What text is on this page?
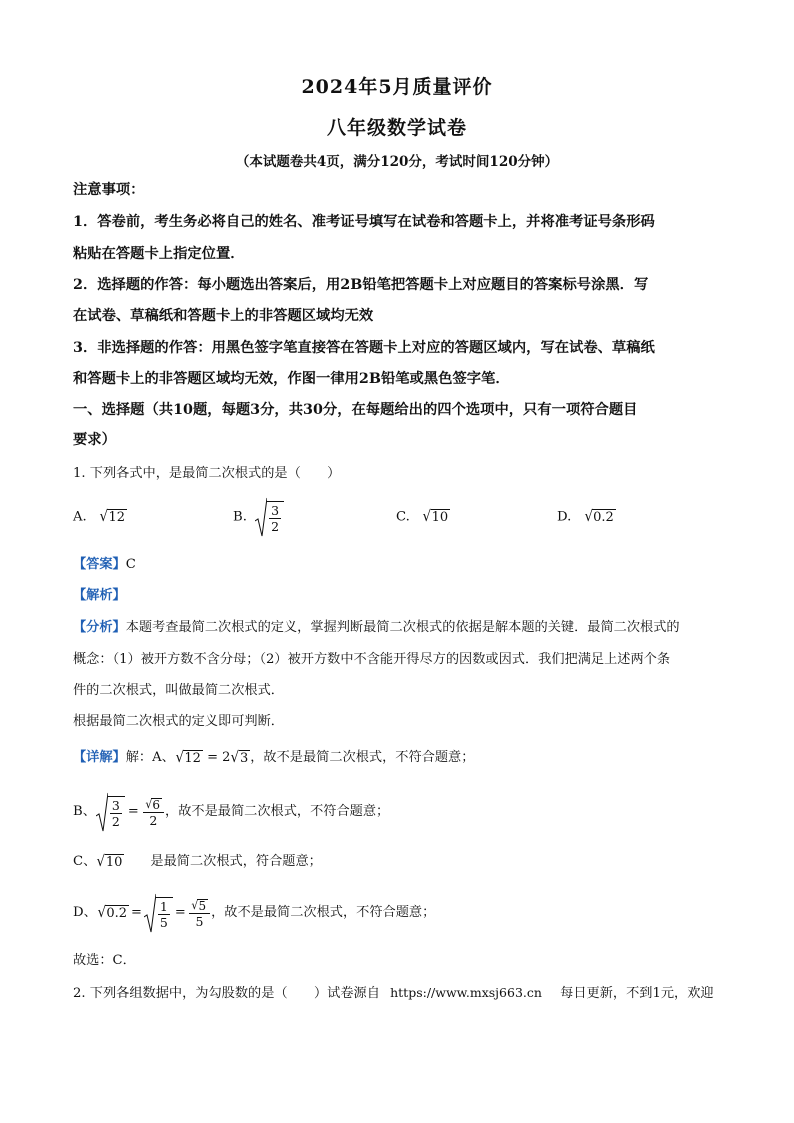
2024年5月质量评价
八年级数学试卷
（本试题卷共4页，满分120分，考试时间120分钟）
注意事项：
1．答卷前，考生务必将自己的姓名、准考证号填写在试卷和答题卡上，并将准考证号条形码
粘贴在答题卡上指定位置．
2．选择题的作答：每小题选出答案后，用2B铅笔把答题卡上对应题目的答案标号涂黑．写
在试卷、草稿纸和答题卡上的非答题区域均无效
3．非选择题的作答：用黑色签字笔直接答在答题卡上对应的答题区域内，写在试卷、草稿纸
和答题卡上的非答题区域均无效，作图一律用2B铅笔或黑色签字笔．
一、选择题（共10题，每题3分，共30分，在每题给出的四个选项中，只有一项符合题目
要求）
1. 下列各式中，是最简二次根式的是（　　）
A. √ 12	B. $\frac{3}{2}$	C. √ 10	D. √ 0.2
【答案】C
【解析】
【分析】本题考查最简二次根式的定义，掌握判断最简二次根式的依据是解本题的关键．最简二次根式的
概念：（1）被开方数不含分母；（2）被开方数中不含能开得尽方的因数或因式．我们把满足上述两个条
件的二次根式，叫做最简二次根式．
根据最简二次根式的定义即可判断．
【详解】 解：A、 √ 12 = 2 √ 3 ，故不是最简二次根式，不符合题意；
B、 $\frac{3}{2} = \frac{√ 6}{2}$ ，故不是最简二次根式，不符合题意；
C、 √ 10 是最简二次根式，符合题意；
D、 √ $0.2 = \frac{1}{5} = \frac{√ 5}{5}$ ，故不是最简二次根式，不符合题意；
故选：C．
2. 下列各组数据中，为勾股数的是（　　）试卷源自 https://www.mxsj663.cn 每日更新，不到1元，欢迎
